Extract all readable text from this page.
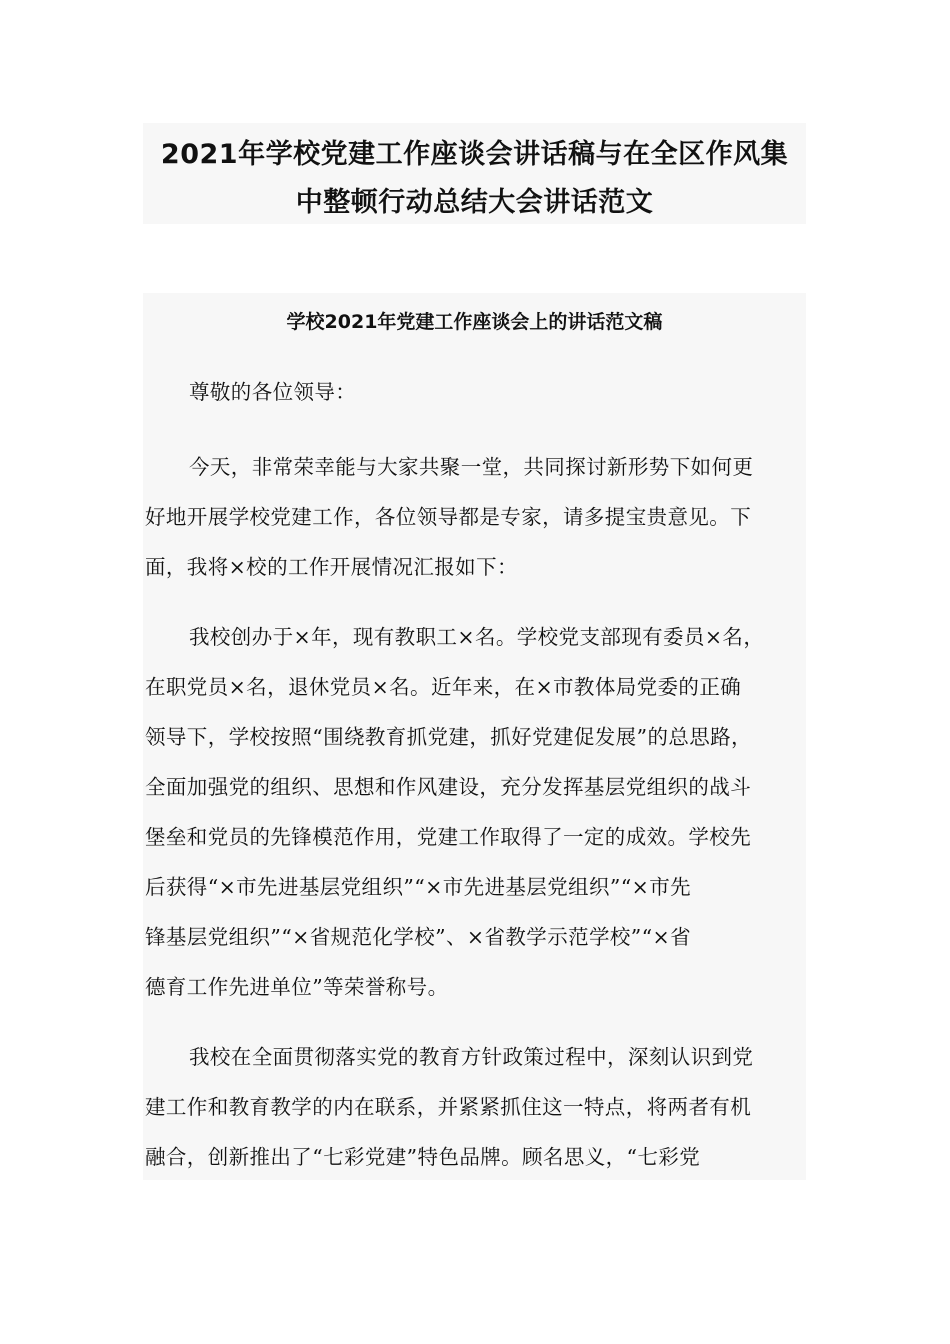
2021年学校党建工作座谈会讲话稿与在全区作风集
中整顿行动总结大会讲话范文
学校2021年党建工作座谈会上的讲话范文稿
尊敬的各位领导：
今天，非常荣幸能与大家共聚一堂，共同探讨新形势下如何更
好地开展学校党建工作，各位领导都是专家，请多提宝贵意见。下
面，我将×校的工作开展情况汇报如下：
我校创办于×年，现有教职工×名。学校党支部现有委员×名，
在职党员×名，退休党员×名。近年来，在×市教体局党委的正确
领导下，学校按照“围绕教育抓党建，抓好党建促发展”的总思路，
全面加强党的组织、思想和作风建设，充分发挥基层党组织的战斗
堡垒和党员的先锋模范作用，党建工作取得了一定的成效。学校先
后获得“×市先进基层党组织”“×市先进基层党组织”“×市先
锋基层党组织”“×省规范化学校”、×省教学示范学校”“×省
德育工作先进单位”等荣誉称号。
我校在全面贯彻落实党的教育方针政策过程中，深刻认识到党
建工作和教育教学的内在联系，并紧紧抓住这一特点，将两者有机
融合，创新推出了“七彩党建”特色品牌。顾名思义，“七彩党
